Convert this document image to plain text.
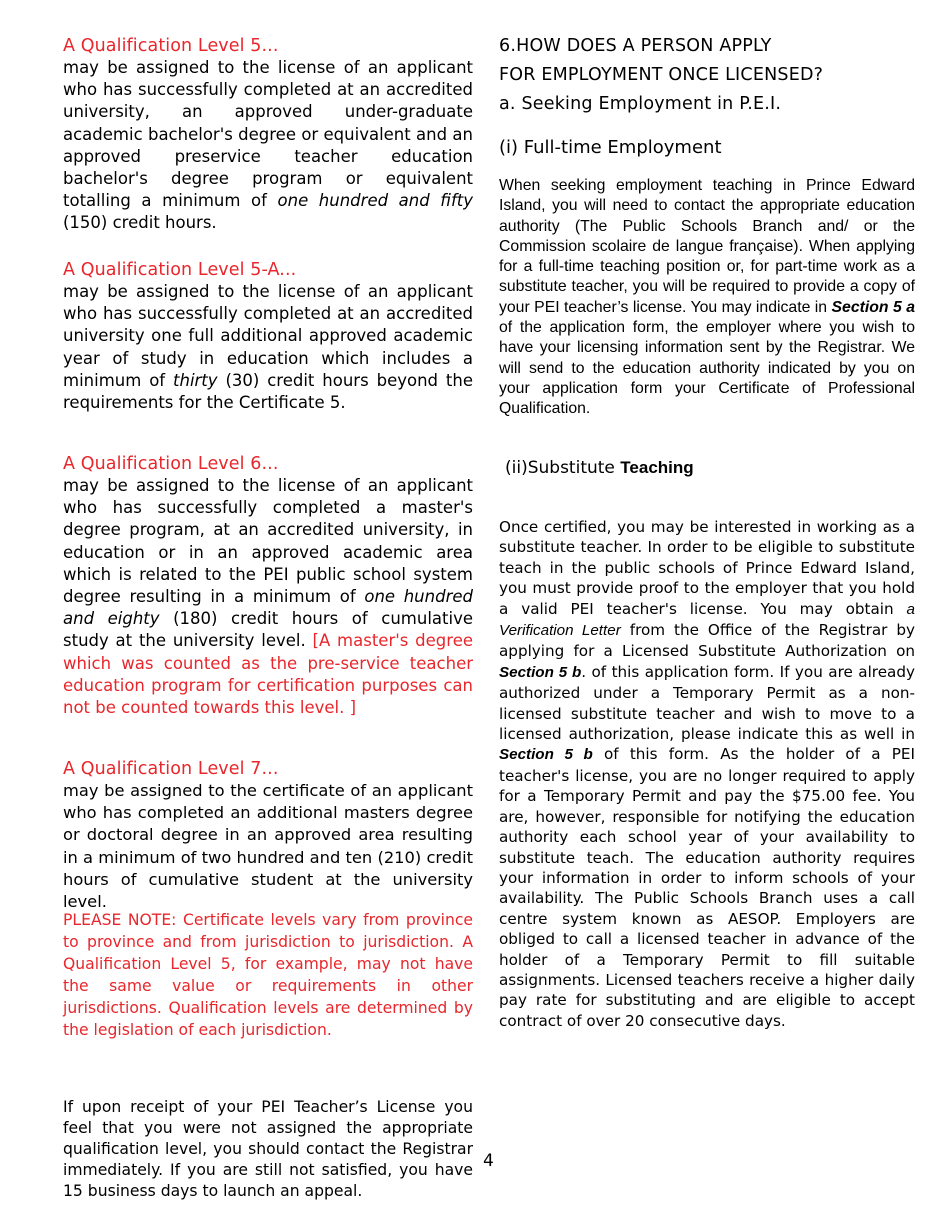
A Qualification Level 5...

may be assigned to the license of an applicant who has successfully completed at an accredited university, an approved under-graduate academic bachelor's degree or equivalent and an approved preservice teacher education bachelor's degree program or equivalent totalling a minimum of one hundred and fifty (150) credit hours.

A Qualification Level 5-A...

may be assigned to the license of an applicant who has successfully completed at an accredited university one full additional approved academic year of study in education which includes a minimum of thirty (30) credit hours beyond the requirements for the Certificate 5.

A Qualification Level 6...

may be assigned to the license of an applicant who has successfully completed a master's degree program, at an accredited university, in education or in an approved academic area which is related to the PEI public school system degree resulting in a minimum of one hundred and eighty (180) credit hours of cumulative study at the university level. [A master's degree which was counted as the pre-service teacher education program for certification purposes can not be counted towards this level. ]

A Qualification Level 7...

may be assigned to the certificate of an applicant who has completed an additional masters degree or doctoral degree in an approved area resulting in a minimum of two hundred and ten (210) credit hours of cumulative student at the university level.

PLEASE NOTE: Certificate levels vary from province to province and from jurisdiction to jurisdiction. A Qualification Level 5, for example, may not have the same value or requirements in other jurisdictions. Qualification levels are determined by the legislation of each jurisdiction.

If upon receipt of your PEI Teacher’s License you feel that you were not assigned the appropriate qualification level, you should contact the Registrar immediately. If you are still not satisfied, you have 15 business days to launch an appeal.

6.HOW DOES A PERSON APPLY
FOR EMPLOYMENT ONCE LICENSED?
a. Seeking Employment in P.E.I.
(i) Full-time Employment

When seeking employment teaching in Prince Edward Island, you will need to contact the appropriate education authority (The Public Schools Branch and/ or the Commission scolaire de langue française). When applying for a full-time teaching position or, for part-time work as a substitute teacher, you will be required to provide a copy of your PEI teacher’s license. You may indicate in Section 5 a of the application form, the employer where you wish to have your licensing information sent by the Registrar. We will send to the education authority indicated by you on your application form your Certificate of Professional Qualification.

(ii)Substitute Teaching

Once certified, you may be interested in working as a substitute teacher. In order to be eligible to substitute teach in the public schools of Prince Edward Island, you must provide proof to the employer that you hold a valid PEI teacher's license. You may obtain a Verification Letter from the Office of the Registrar by applying for a Licensed Substitute Authorization on Section 5 b. of this application form. If you are already authorized under a Temporary Permit as a non-licensed substitute teacher and wish to move to a licensed authorization, please indicate this as well in Section 5 b of this form. As the holder of a PEI teacher's license, you are no longer required to apply for a Temporary Permit and pay the $75.00 fee. You are, however, responsible for notifying the education authority each school year of your availability to substitute teach. The education authority requires your information in order to inform schools of your availability. The Public Schools Branch uses a call centre system known as AESOP. Employers are obliged to call a licensed teacher in advance of the holder of a Temporary Permit to fill suitable assignments. Licensed teachers receive a higher daily pay rate for substituting and are eligible to accept contract of over 20 consecutive days.

4
